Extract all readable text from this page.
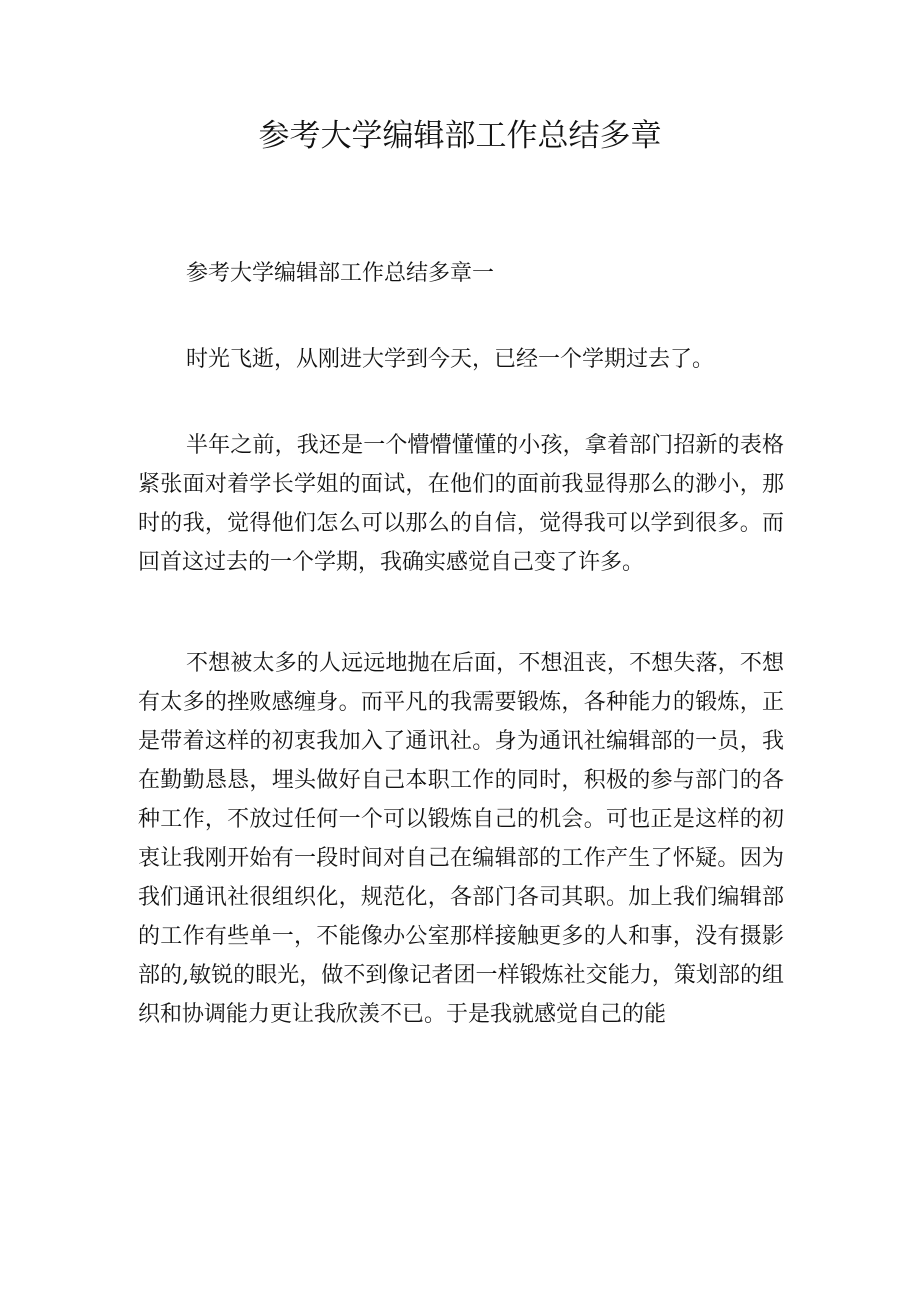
参考大学编辑部工作总结多章

参考大学编辑部工作总结多章一

时光飞逝，从刚进大学到今天，已经一个学期过去了。

半年之前，我还是一个懵懵懂懂的小孩，拿着部门招新的表格紧张面对着学长学姐的面试，在他们的面前我显得那么的渺小，那时的我，觉得他们怎么可以那么的自信，觉得我可以学到很多。而回首这过去的一个学期，我确实感觉自己变了许多。

不想被太多的人远远地抛在后面，不想沮丧，不想失落，不想有太多的挫败感缠身。而平凡的我需要锻炼，各种能力的锻炼，正是带着这样的初衷我加入了通讯社。身为通讯社编辑部的一员，我在勤勤恳恳，埋头做好自己本职工作的同时，积极的参与部门的各种工作，不放过任何一个可以锻炼自己的机会。可也正是这样的初衷让我刚开始有一段时间对自己在编辑部的工作产生了怀疑。因为我们通讯社很组织化，规范化，各部门各司其职。加上我们编辑部的工作有些单一，不能像办公室那样接触更多的人和事，没有摄影部的,敏锐的眼光，做不到像记者团一样锻炼社交能力，策划部的组织和协调能力更让我欣羡不已。于是我就感觉自己的能
